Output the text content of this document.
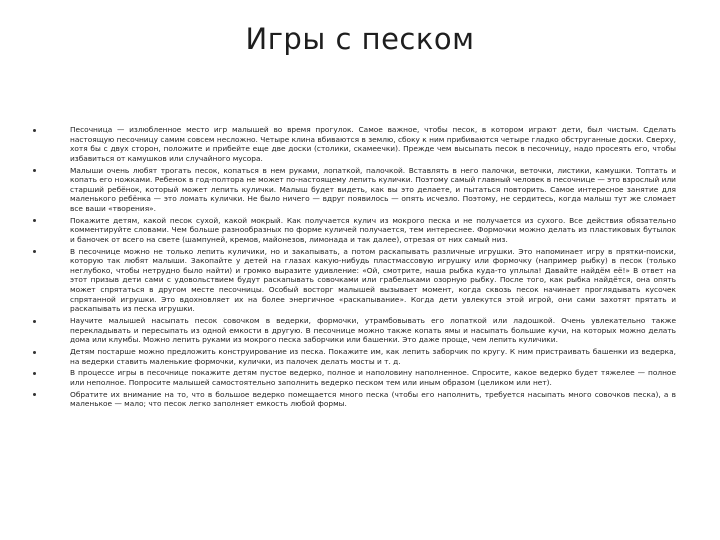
Игры с песком
Песочница — излюбленное место игр малышей во время прогулок. Самое важное, чтобы песок, в котором играют дети, был чистым. Сделать настоящую песочницу самим совсем несложно. Четыре клина вбиваются в землю, сбоку к ним прибиваются четыре гладко обструганные доски. Сверху, хотя бы с двух сторон, положите и прибейте еще две доски (столики, скамеечки). Прежде чем высыпать песок в песочницу, надо просеять его, чтобы избавиться от камушков или случайного мусора.
Малыши очень любят трогать песок, копаться в нем руками, лопаткой, палочкой. Вставлять в него палочки, веточки, листики, камушки. Топтать и копать его ножками. Ребенок в год-полтора не может по-настоящему лепить кулички. Поэтому самый главный человек в песочнице — это взрослый или старший ребёнок, который может лепить кулички. Малыш будет видеть, как вы это делаете, и пытаться повторить. Самое интересное занятие для маленького ребёнка — это ломать кулички. Не было ничего — вдруг появилось — опять исчезло. Поэтому, не сердитесь, когда малыш тут же сломает все ваши «творения».
Покажите детям, какой песок сухой, какой мокрый. Как получается кулич из мокрого песка и не получается из сухого. Все действия обязательно комментируйте словами. Чем больше разнообразных по форме куличей получается, тем интереснее. Формочки можно делать из пластиковых бутылок и баночек от всего на свете (шампуней, кремов, майонезов, лимонада и так далее), отрезая от них самый низ.
В песочнице можно не только лепить куличики, но и закапывать, а потом раскапывать различные игрушки. Это напоминает игру в прятки-поиски, которую так любят малыши. Закопайте у детей на глазах какую-нибудь пластмассовую игрушку или формочку (например рыбку) в песок (только неглубоко, чтобы нетрудно было найти) и громко выразите удивление: «Ой, смотрите, наша рыбка куда-то уплыла! Давайте найдём её!» В ответ на этот призыв дети сами с удовольствием будут раскапывать совочками или грабельками озорную рыбку. После того, как рыбка найдётся, она опять может спрятаться в другом месте песочницы. Особый восторг малышей вызывает момент, когда сквозь песок начинает проглядывать кусочек спрятанной игрушки. Это вдохновляет их на более энергичное «раскапывание». Когда дети увлекутся этой игрой, они сами захотят прятать и раскапывать из песка игрушки.
Научите малышей насыпать песок совочком в ведерки, формочки, утрамбовывать его лопаткой или ладошкой. Очень увлекательно также перекладывать и пересыпать из одной емкости в другую. В песочнице можно также копать ямы и насыпать большие кучи, на которых можно делать дома или клумбы. Можно лепить руками из мокрого песка заборчики или башенки. Это даже проще, чем лепить куличики.
Детям постарше можно предложить конструирование из песка. Покажите им, как лепить заборчик по кругу. К ним пристраивать башенки из ведерка, на ведерки ставить маленькие формочки, кулички, из палочек делать мосты и т. д.
В процессе игры в песочнице покажите детям пустое ведерко, полное и наполовину наполненное. Спросите, какое ведерко будет тяжелее — полное или неполное. Попросите малышей самостоятельно заполнить ведерко песком тем или иным образом (целиком или нет).
Обратите их внимание на то, что в большое ведерко помещается много песка (чтобы его наполнить, требуется насыпать много совочков песка), а в маленькое — мало; что песок легко заполняет емкость любой формы.
